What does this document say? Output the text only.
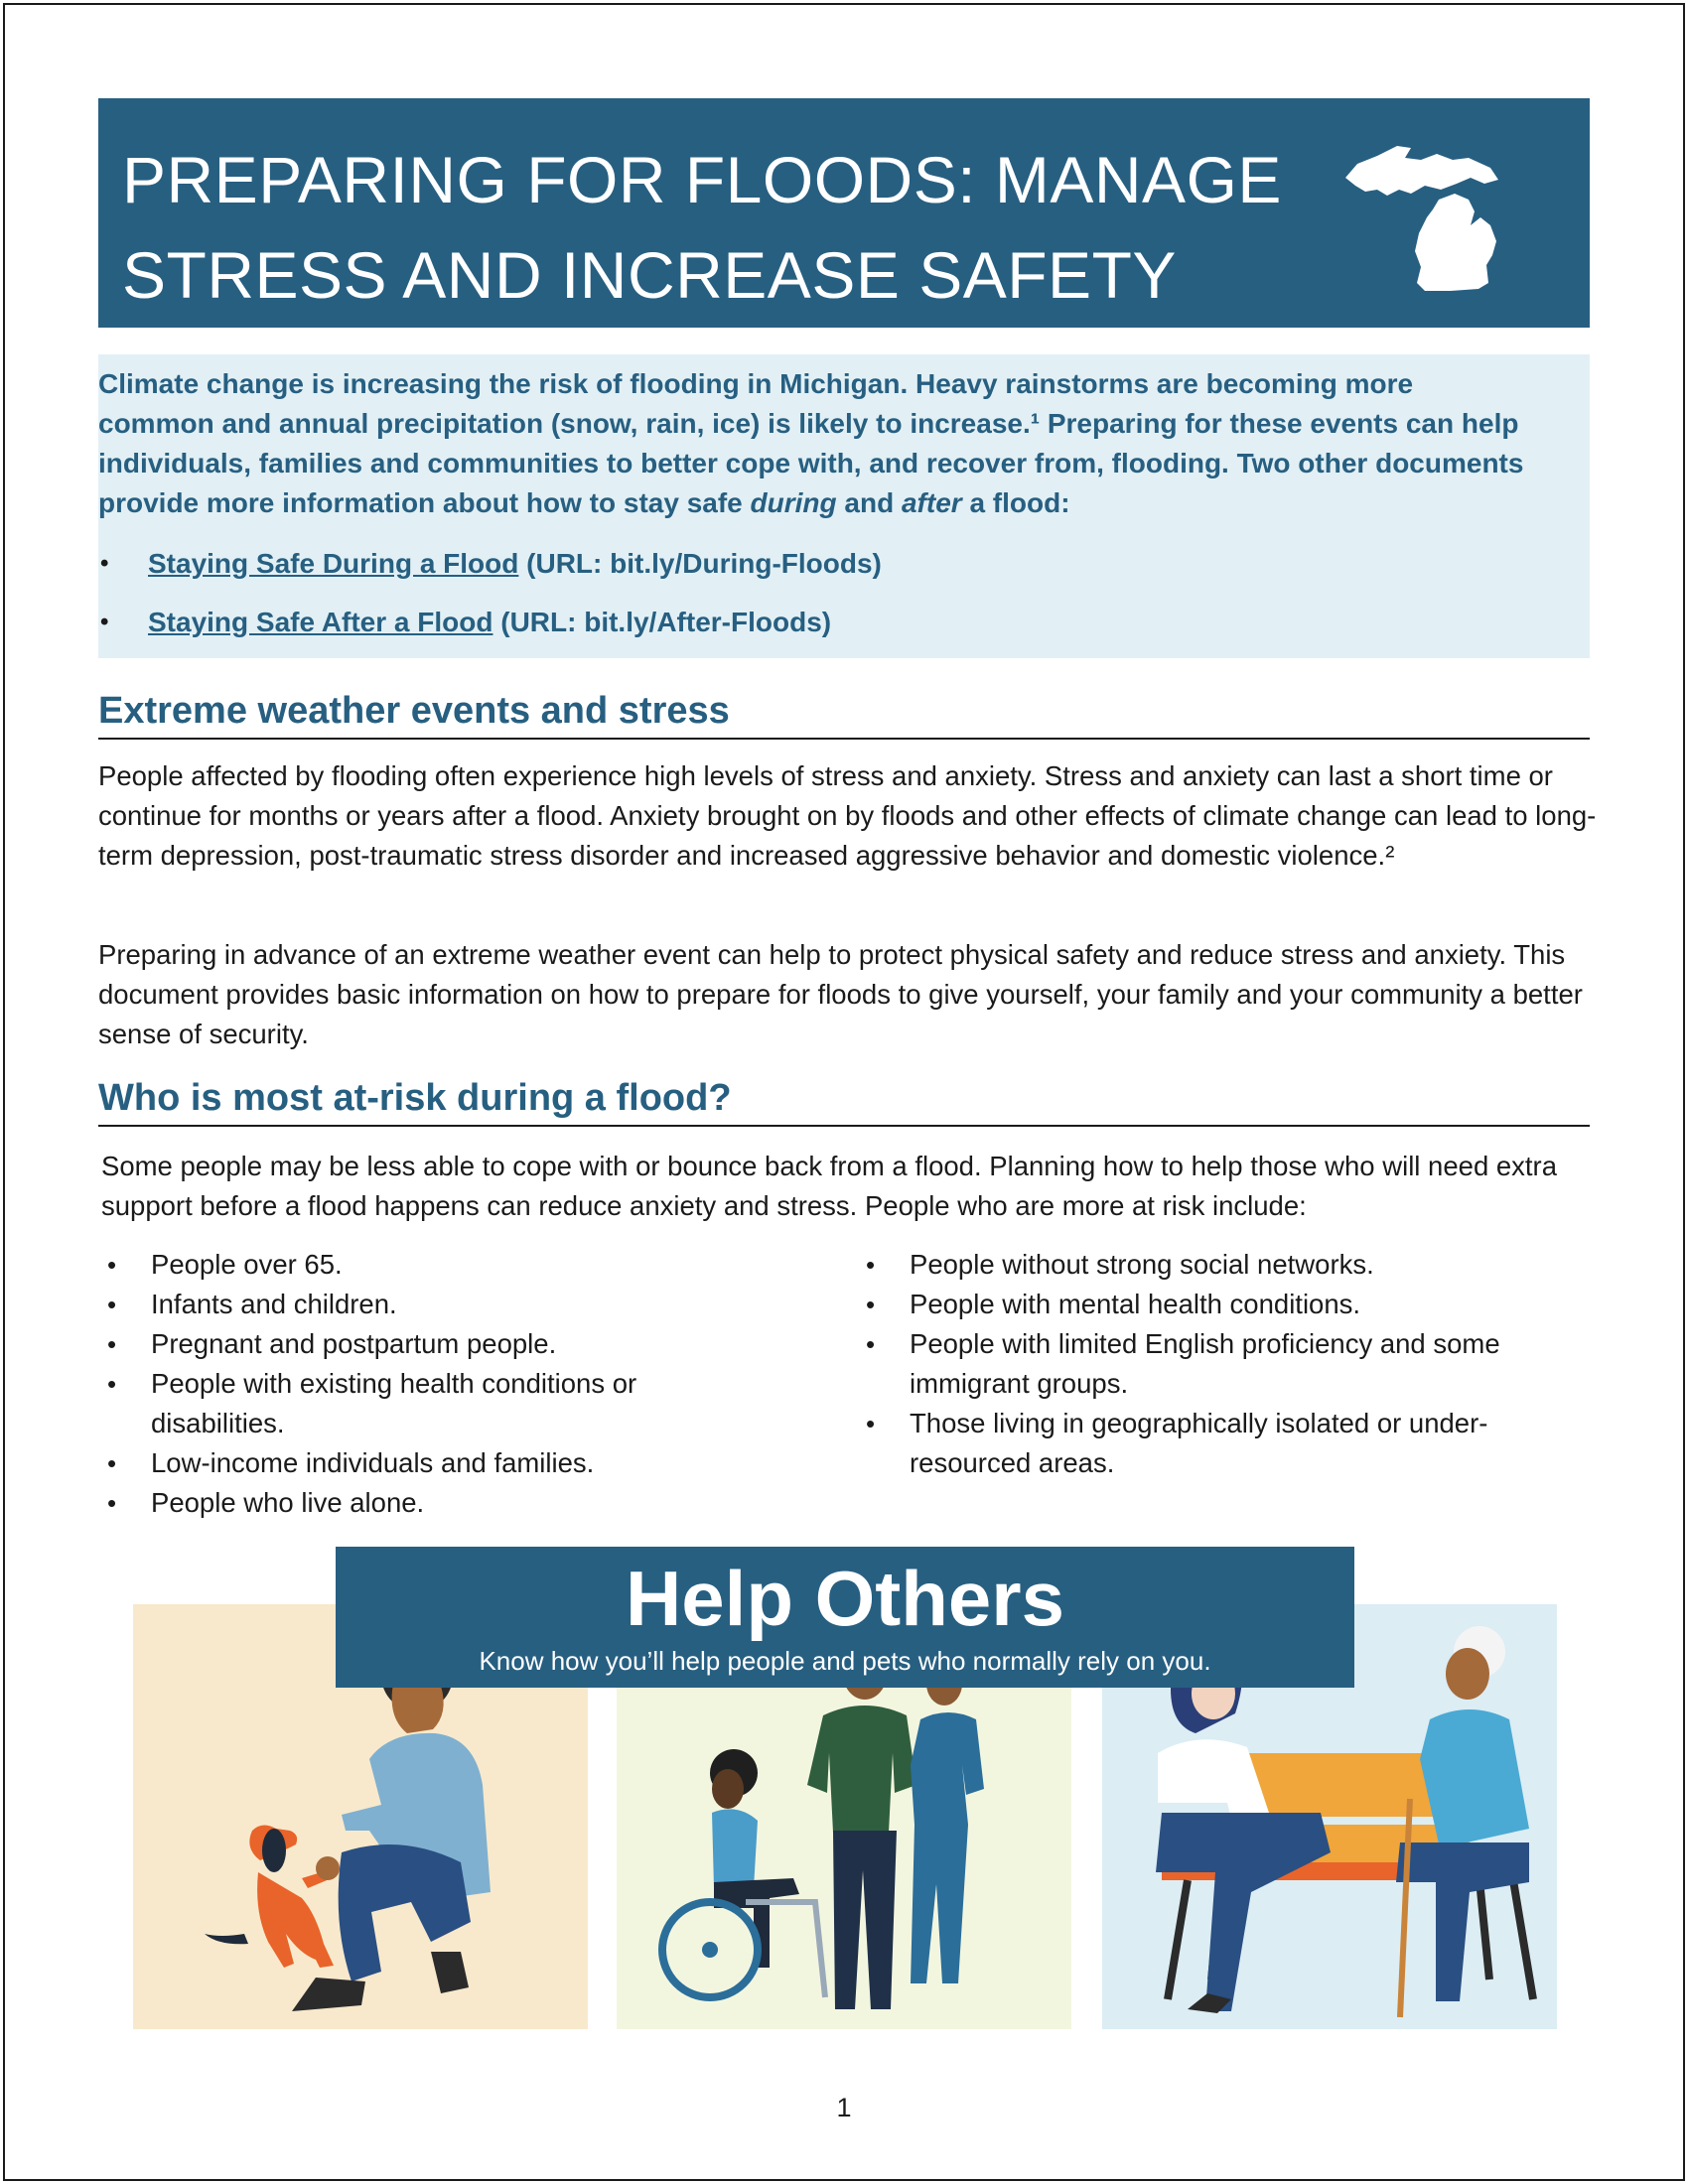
PREPARING FOR FLOODS: MANAGE
STRESS AND INCREASE SAFETY
Climate change is increasing the risk of flooding in Michigan. Heavy rainstorms are becoming more
common and annual precipitation (snow, rain, ice) is likely to increase.¹ Preparing for these events can help
individuals, families and communities to better cope with, and recover from, flooding. Two other documents
provide more information about how to stay safe during and after a flood:
• Staying Safe During a Flood (URL: bit.ly/During-Floods)
• Staying Safe After a Flood (URL: bit.ly/After-Floods)
Extreme weather events and stress

People affected by flooding often experience high levels of stress and anxiety. Stress and anxiety can last a short time or continue for months or years after a flood. Anxiety brought on by floods and other effects of climate change can lead to long-term depression, post-traumatic stress disorder and increased aggressive behavior and domestic violence.²

Preparing in advance of an extreme weather event can help to protect physical safety and reduce stress and anxiety. This document provides basic information on how to prepare for floods to give yourself, your family and your community a better sense of security.

Who is most at-risk during a flood?

Some people may be less able to cope with or bounce back from a flood. Planning how to help those who will need extra support before a flood happens can reduce anxiety and stress. People who are more at risk include:

• People over 65.
• Infants and children.
• Pregnant and postpartum people.
• People with existing health conditions or disabilities.
• Low-income individuals and families.
• People who live alone.
• People without strong social networks.
• People with mental health conditions.
• People with limited English proficiency and some immigrant groups.
• Those living in geographically isolated or under-resourced areas.
Help Others
Know how you’ll help people and pets who normally rely on you.
1
